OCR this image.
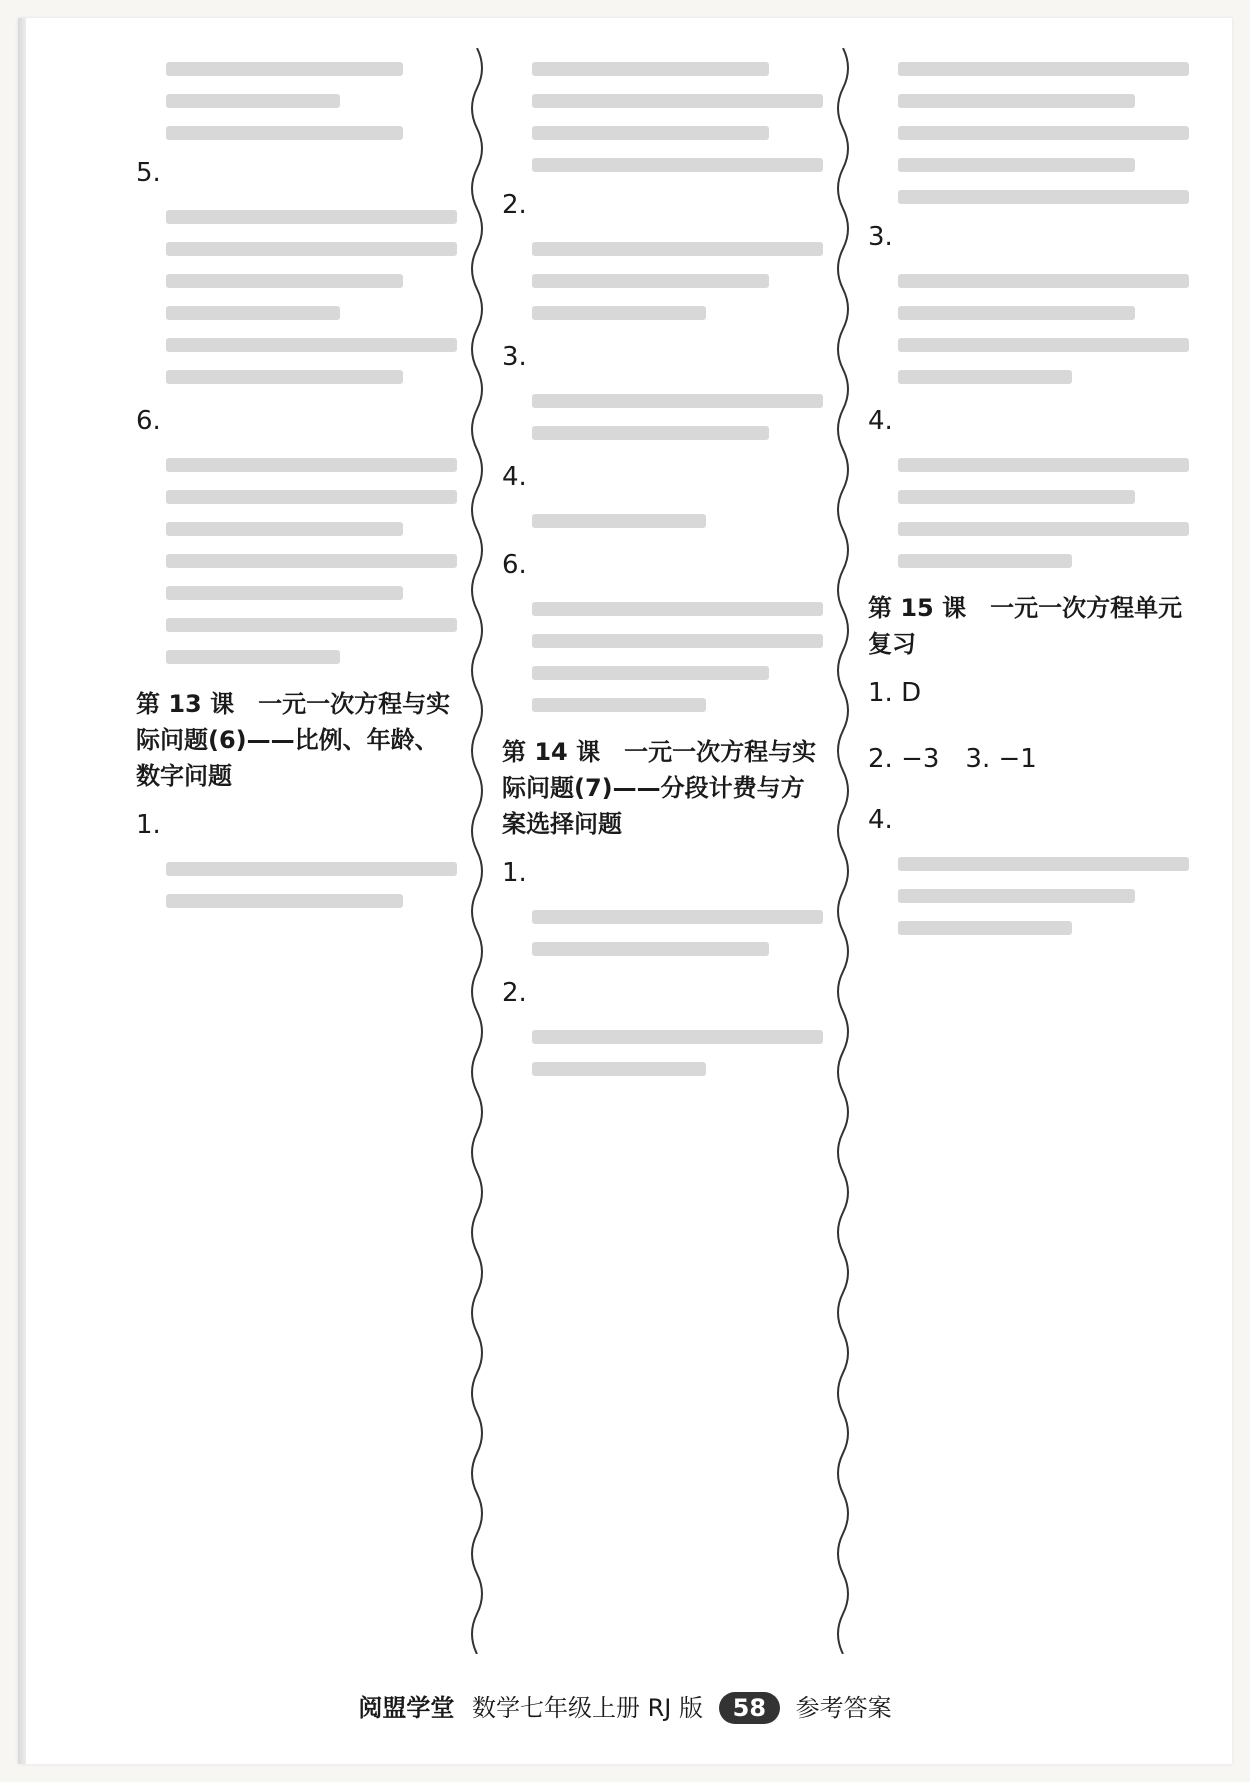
5.
6.
第 13 课　一元一次方程与实际问题(6)——比例、年龄、数字问题
1.
2.
3.
4.
6.
第 14 课　一元一次方程与实际问题(7)——分段计费与方案选择问题
1.
2.
3.
4.
第 15 课　一元一次方程单元复习
1. D
2. −3　3. −1
4.
阅盟学堂 数学七年级上册 RJ 版 58 参考答案
